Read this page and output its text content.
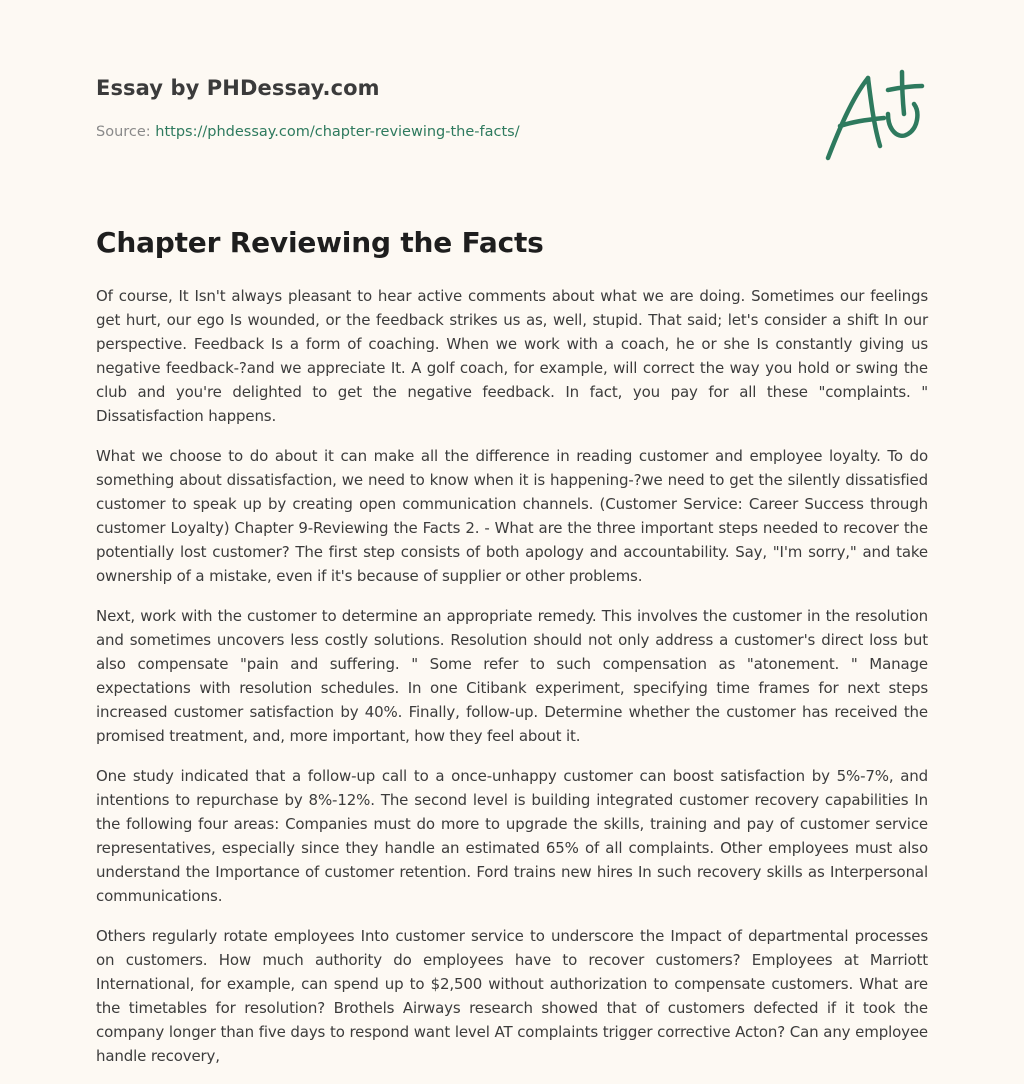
Essay by PHDessay.com
Source: https://phdessay.com/chapter-reviewing-the-facts/
Chapter Reviewing the Facts

Of course, It Isn't always pleasant to hear active comments about what we are doing. Sometimes our feelings get hurt, our ego Is wounded, or the feedback strikes us as, well, stupid. That said; let's consider a shift In our perspective. Feedback Is a form of coaching. When we work with a coach, he or she Is constantly giving us negative feedback-?and we appreciate It. A golf coach, for example, will correct the way you hold or swing the club and you're delighted to get the negative feedback. In fact, you pay for all these "complaints. " Dissatisfaction happens.

What we choose to do about it can make all the difference in reading customer and employee loyalty. To do something about dissatisfaction, we need to know when it is happening-?we need to get the silently dissatisfied customer to speak up by creating open communication channels. (Customer Service: Career Success through customer Loyalty) Chapter 9-Reviewing the Facts 2. - What are the three important steps needed to recover the potentially lost customer? The first step consists of both apology and accountability. Say, "I'm sorry," and take ownership of a mistake, even if it's because of supplier or other problems.

Next, work with the customer to determine an appropriate remedy. This involves the customer in the resolution and sometimes uncovers less costly solutions. Resolution should not only address a customer's direct loss but also compensate "pain and suffering. " Some refer to such compensation as "atonement. " Manage expectations with resolution schedules. In one Citibank experiment, specifying time frames for next steps increased customer satisfaction by 40%. Finally, follow-up. Determine whether the customer has received the promised treatment, and, more important, how they feel about it.

One study indicated that a follow-up call to a once-unhappy customer can boost satisfaction by 5%-7%, and intentions to repurchase by 8%-12%. The second level is building integrated customer recovery capabilities In the following four areas: Companies must do more to upgrade the skills, training and pay of customer service representatives, especially since they handle an estimated 65% of all complaints. Other employees must also understand the Importance of customer retention. Ford trains new hires In such recovery skills as Interpersonal communications.

Others regularly rotate employees Into customer service to underscore the Impact of departmental processes on customers. How much authority do employees have to recover customers? Employees at Marriott International, for example, can spend up to $2,500 without authorization to compensate customers. What are the timetables for resolution? Brothels Airways research showed that of customers defected if it took the company longer than five days to respond want level AT complaints trigger corrective Acton? Can any employee handle recovery,
